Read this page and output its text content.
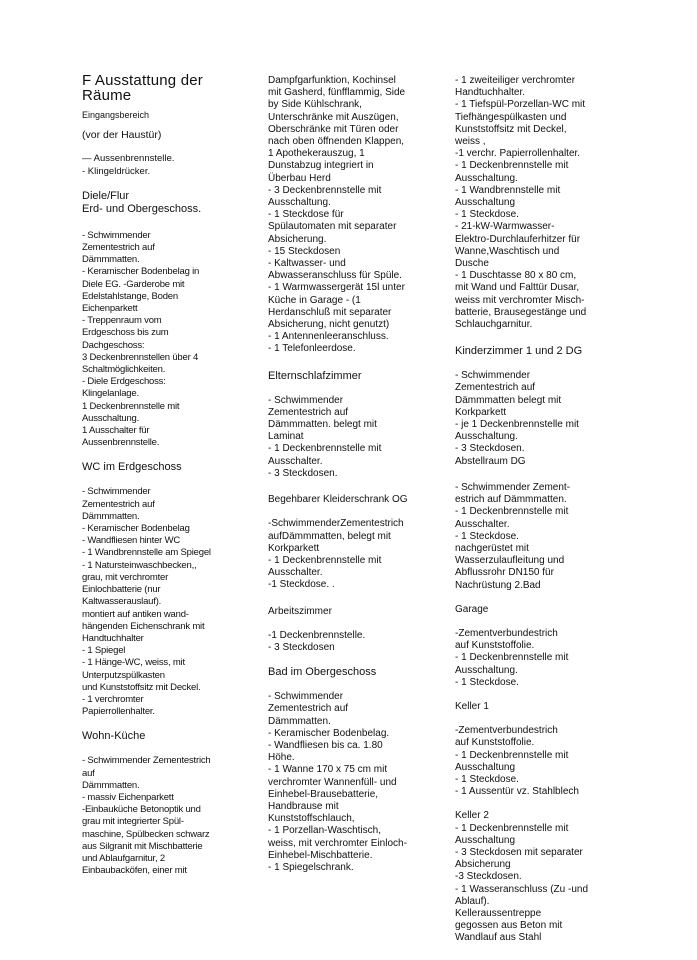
F Ausstattung der
Räume

Eingangsbereich

(vor der Haustür)

— Aussenbrennstelle.
- Klingeldrücker.

Diele/Flur
Erd- und Obergeschoss.

- Schwimmender
Zementestrich auf
Dämmmatten.
- Keramischer Bodenbelag in
Diele EG. -Garderobe mit
Edelstahlstange, Boden
Eichenparkett
- Treppenraum vom
Erdgeschoss bis zum
Dachgeschoss:
3 Deckenbrennstellen über 4
Schaltmöglichkeiten.
- Diele Erdgeschoss:
Klingelanlage.
1 Deckenbrennstelle mit
Ausschaltung.
1 Ausschalter für
Aussenbrennstelle.

WC im Erdgeschoss

- Schwimmender
Zementestrich auf
Dämmmatten.
- Keramischer Bodenbelag
- Wandfliesen hinter WC
- 1 Wandbrennstelle am Spiegel
- 1 Natursteinwaschbecken,,
grau, mit verchromter
Einlochbatterie (nur
Kaltwasserauslauf).
montiert auf antiken wand-
hängenden Eichenschrank mit
Handtuchhalter
- 1 Spiegel
- 1 Hänge-WC, weiss, mit
Unterputzspülkasten
und Kunststoffsitz mit Deckel.
- 1 verchromter
Papierrollenhalter.

Wohn-Küche

- Schwimmender Zementestrich
auf
Dämmmatten.
- massiv Eichenparkett
-Einbauküche Betonoptik und
grau mit integrierter Spül-
maschine, Spülbecken schwarz
aus Silgranit mit Mischbatterie
und Ablaufgarnitur, 2
Einbaubacköfen, einer mit

Dampfgarfunktion, Kochinsel
mit Gasherd, fünfflammig, Side
by Side Kühlschrank,
Unterschränke mit Auszügen,
Oberschränke mit Türen oder
nach oben öffnenden Klappen,
1 Apothekerauszug, 1
Dunstabzug integriert in
Überbau Herd
- 3 Deckenbrennstelle mit
Ausschaltung.
- 1 Steckdose für
Spülautomaten mit separater
Absicherung.
- 15 Steckdosen
- Kaltwasser- und
Abwasseranschluss für Spüle.
- 1 Warmwassergerät 15l unter
Küche in Garage - (1
Herdanschluß mit separater
Absicherung, nicht genutzt)
- 1 Antennenleeranschluss.
- 1 Telefonleerdose.

Elternschlafzimmer

- Schwimmender
Zementestrich auf
Dämmmatten. belegt mit
Laminat
- 1 Deckenbrennstelle mit
Ausschalter.
- 3 Steckdosen.

Begehbarer Kleiderschrank OG

-SchwimmenderZementestrich
aufDämmmatten, belegt mit
Korkparkett
- 1 Deckenbrennstelle mit
Ausschalter.
-1 Steckdose. .

Arbeitszimmer

-1 Deckenbrennstelle.
- 3 Steckdosen

Bad im Obergeschoss

- Schwimmender
Zementestrich auf
Dämmmatten.
- Keramischer Bodenbelag.
- Wandfliesen bis ca. 1.80
Höhe.
- 1 Wanne 170 x 75 cm mit
verchromter Wannenfüll- und
Einhebel-Brausebatterie,
Handbrause mit
Kunststoffschlauch,
- 1 Porzellan-Waschtisch,
weiss, mit verchromter Einloch-
Einhebel-Mischbatterie.
- 1 Spiegelschrank.

- 1 zweiteiliger verchromter
Handtuchhalter.
- 1 Tiefspül-Porzellan-WC mit
Tiefhängespülkasten und
Kunststoffsitz mit Deckel,
weiss ,
-1 verchr. Papierrollenhalter.
- 1 Deckenbrennstelle mit
Ausschaltung.
- 1 Wandbrennstelle mit
Ausschaltung
- 1 Steckdose.
- 21-kW-Warmwasser-
Elektro-Durchlauferhitzer für
Wanne,Waschtisch und
Dusche
- 1 Duschtasse 80 x 80 cm,
mit Wand und Falttür Dusar,
weiss mit verchromter Misch-
batterie, Brausegestänge und
Schlauchgarnitur.

Kinderzimmer 1 und 2 DG

- Schwimmender
Zementestrich auf
Dämmmatten belegt mit
Korkparkett
- je 1 Deckenbrennstelle mit
Ausschaltung.
- 3 Steckdosen.
Abstellraum DG

- Schwimmender Zement-
estrich auf Dämmmatten.
- 1 Deckenbrennstelle mit
Ausschalter.
- 1 Steckdose.
nachgerüstet mit
Wasserzulaufleitung und
Abflussrohr DN150 für
Nachrüstung 2.Bad

Garage

-Zementverbundestrich
auf Kunststoffolie.
- 1 Deckenbrennstelle mit
Ausschaltung.
- 1 Steckdose.

Keller 1

-Zementverbundestrich
auf Kunststoffolie.
- 1 Deckenbrennstelle mit
Ausschaltung
- 1 Steckdose.
- 1 Aussentür vz. Stahlblech

Keller 2

- 1 Deckenbrennstelle mit
Ausschaltung
- 3 Steckdosen mit separater
Absicherung
-3 Steckdosen.
- 1 Wasseranschluss (Zu -und
Ablauf).
Kelleraussentreppe
gegossen aus Beton mit
Wandlauf aus Stahl
